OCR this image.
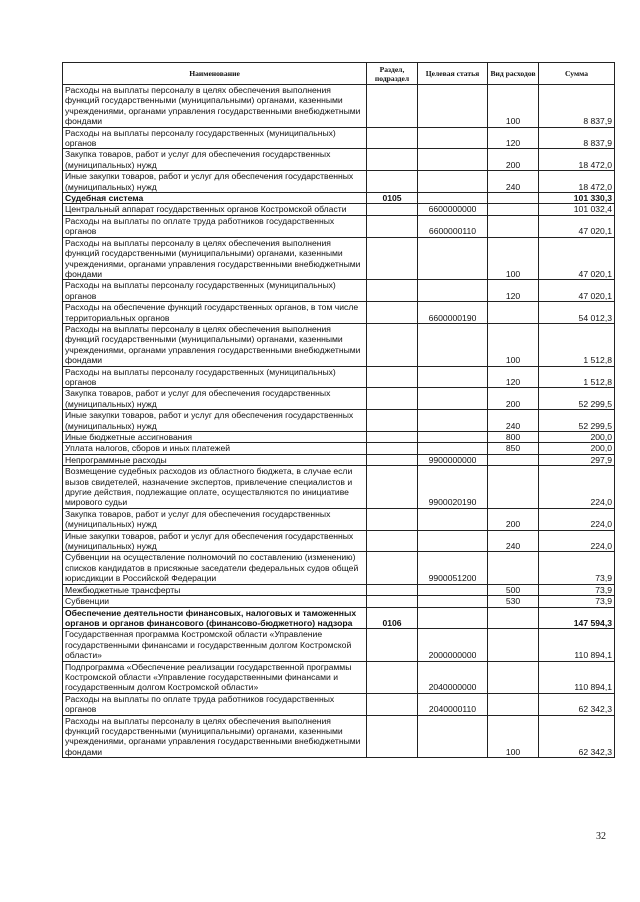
Наименование	Раздел, подраздел	Целевая статья	Вид расходов	Сумма
Расходы на выплаты персоналу в целях обеспечения выполнения функций государственными (муниципальными) органами, казенными учреждениями, органами управления государственными внебюджетными фондами			100	8 837,9
Расходы на выплаты персоналу государственных (муниципальных) органов			120	8 837,9
Закупка товаров, работ и услуг для обеспечения государственных (муниципальных) нужд			200	18 472,0
Иные закупки товаров, работ и услуг для обеспечения государственных (муниципальных) нужд			240	18 472,0
Судебная система	0105			101 330,3
Центральный аппарат государственных органов Костромской области		6600000000		101 032,4
Расходы на выплаты по оплате труда работников государственных органов		6600000110		47 020,1
Расходы на выплаты персоналу в целях обеспечения выполнения функций государственными (муниципальными) органами, казенными учреждениями, органами управления государственными внебюджетными фондами			100	47 020,1
Расходы на выплаты персоналу государственных (муниципальных) органов			120	47 020,1
Расходы на обеспечение функций государственных органов, в том числе территориальных органов		6600000190		54 012,3
Расходы на выплаты персоналу в целях обеспечения выполнения функций государственными (муниципальными) органами, казенными учреждениями, органами управления государственными внебюджетными фондами			100	1 512,8
Расходы на выплаты персоналу государственных (муниципальных) органов			120	1 512,8
Закупка товаров, работ и услуг для обеспечения государственных (муниципальных) нужд			200	52 299,5
Иные закупки товаров, работ и услуг для обеспечения государственных (муниципальных) нужд			240	52 299,5
Иные бюджетные ассигнования			800	200,0
Уплата налогов, сборов и иных платежей			850	200,0
Непрограммные расходы		9900000000		297,9
Возмещение судебных расходов из областного бюджета, в случае если вызов свидетелей, назначение экспертов, привлечение специалистов и другие действия, подлежащие оплате, осуществляются по инициативе мирового судьи		9900020190		224,0
Закупка товаров, работ и услуг для обеспечения государственных (муниципальных) нужд			200	224,0
Иные закупки товаров, работ и услуг для обеспечения государственных (муниципальных) нужд			240	224,0
Субвенции на осуществление полномочий по составлению (изменению) списков кандидатов в присяжные заседатели федеральных судов общей юрисдикции в Российской Федерации		9900051200		73,9
Межбюджетные трансферты			500	73,9
Субвенции			530	73,9
Обеспечение деятельности финансовых, налоговых и таможенных органов и органов финансового (финансово-бюджетного) надзора	0106			147 594,3
Государственная программа Костромской области «Управление государственными финансами и государственным долгом Костромской области»		2000000000		110 894,1
Подпрограмма «Обеспечение реализации государственной программы Костромской области «Управление государственными финансами и государственным долгом Костромской области»		2040000000		110 894,1
Расходы на выплаты по оплате труда работников государственных органов		2040000110		62 342,3
Расходы на выплаты персоналу в целях обеспечения выполнения функций государственными (муниципальными) органами, казенными учреждениями, органами управления государственными внебюджетными фондами			100	62 342,3
32
